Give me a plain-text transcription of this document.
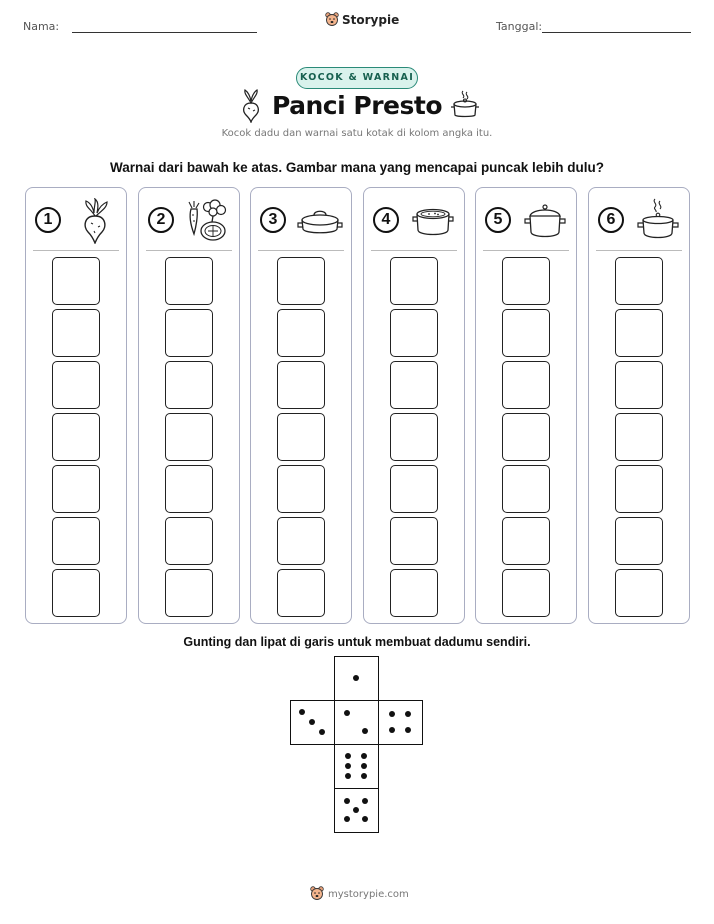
Nama:	Storypie	Tanggal:
KOCOK & WARNAI
Panci Presto
Kocok dadu dan warnai satu kotak di kolom angka itu.
Warnai dari bawah ke atas. Gambar mana yang mencapai puncak lebih dulu?
1	2	3	4	5	6
Gunting dan lipat di garis untuk membuat dadumu sendiri.
mystorypie.com
